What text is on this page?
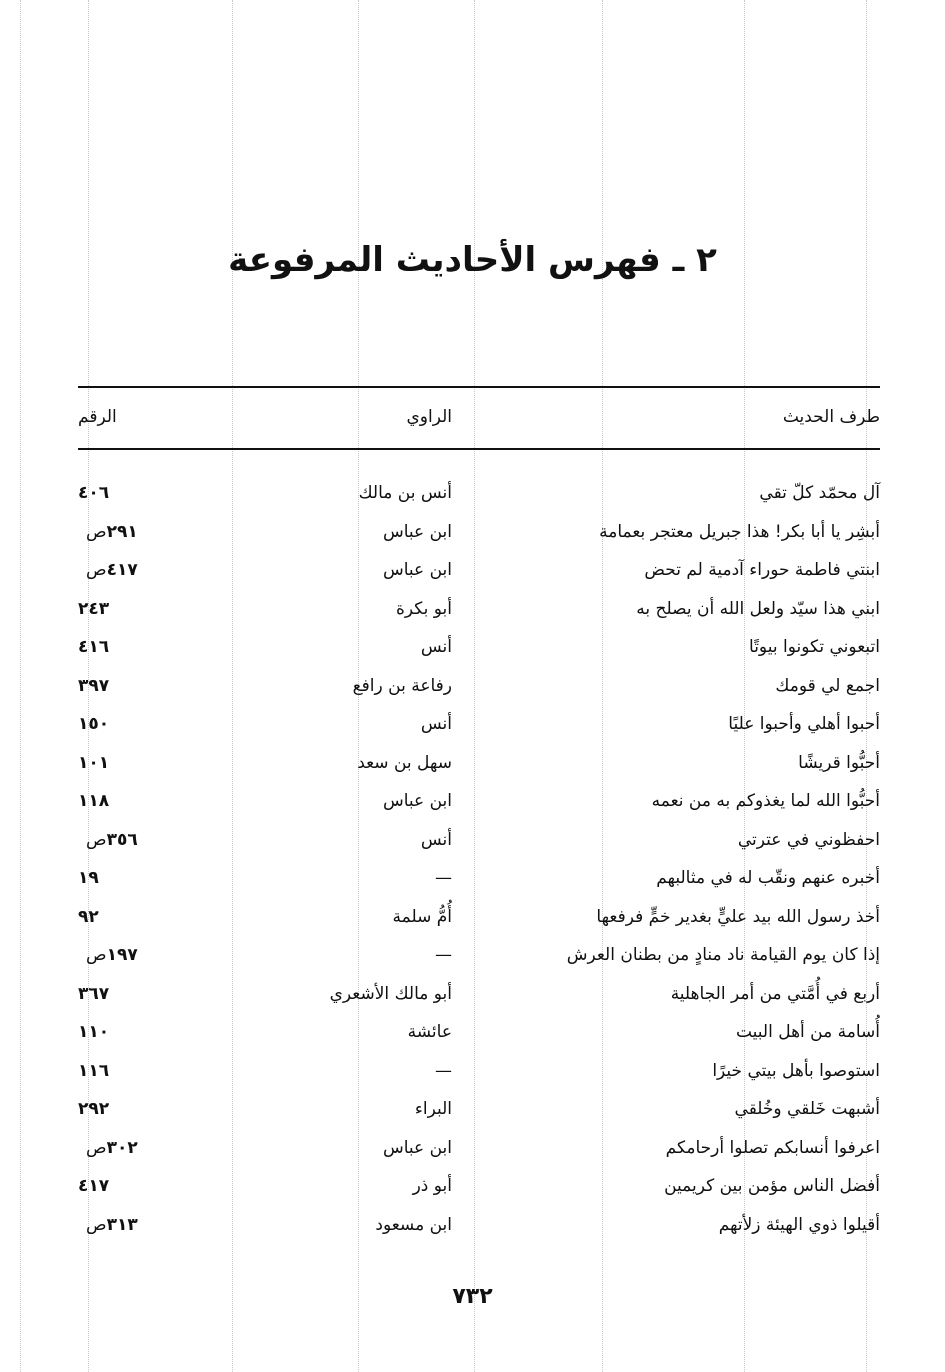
٢ ـ فهرس الأحاديث المرفوعة
طرف الحديث
الراوي
الرقم
آل محمّد كلّ تقي
أنس بن مالك
٤٠٦
أبشِر يا أبا بكر! هذا جبريل معتجر بعمامة
ابن عباس
٢٩١ص
ابنتي فاطمة حوراء آدمية لم تحض
ابن عباس
٤١٧ص
ابني هذا سيّد ولعل الله أن يصلح به
أبو بكرة
٢٤٣
اتبعوني تكونوا بيوتًا
أنس
٤١٦
اجمع لي قومك
رفاعة بن رافع
٣٩٧
أحبوا أهلي وأحبوا عليًا
أنس
١٥٠
أحبُّوا قريشًا
سهل بن سعد
١٠١
أحبُّوا الله لما يغذوكم به من نعمه
ابن عباس
١١٨
احفظوني في عترتي
أنس
٣٥٦ص
أخبره عنهم ونقّب له في مثالبهم
—
١٩
أخذ رسول الله بيد عليٍّ بغدير خمٍّ فرفعها
أُمُّ سلمة
٩٢
إذا كان يوم القيامة ناد منادٍ من بطنان العرش
—
١٩٧ص
أربع في أُمَّتي من أمر الجاهلية
أبو مالك الأشعري
٣٦٧
أُسامة من أهل البيت
عائشة
١١٠
استوصوا بأهل بيتي خيرًا
—
١١٦
أشبهت خَلقي وخُلقي
البراء
٢٩٢
اعرفوا أنسابكم تصلوا أرحامكم
ابن عباس
٣٠٢ص
أفضل الناس مؤمن بين كريمين
أبو ذر
٤١٧
أقيلوا ذوي الهيئة زلأتهم
ابن مسعود
٣١٣ص
٧٣٢
